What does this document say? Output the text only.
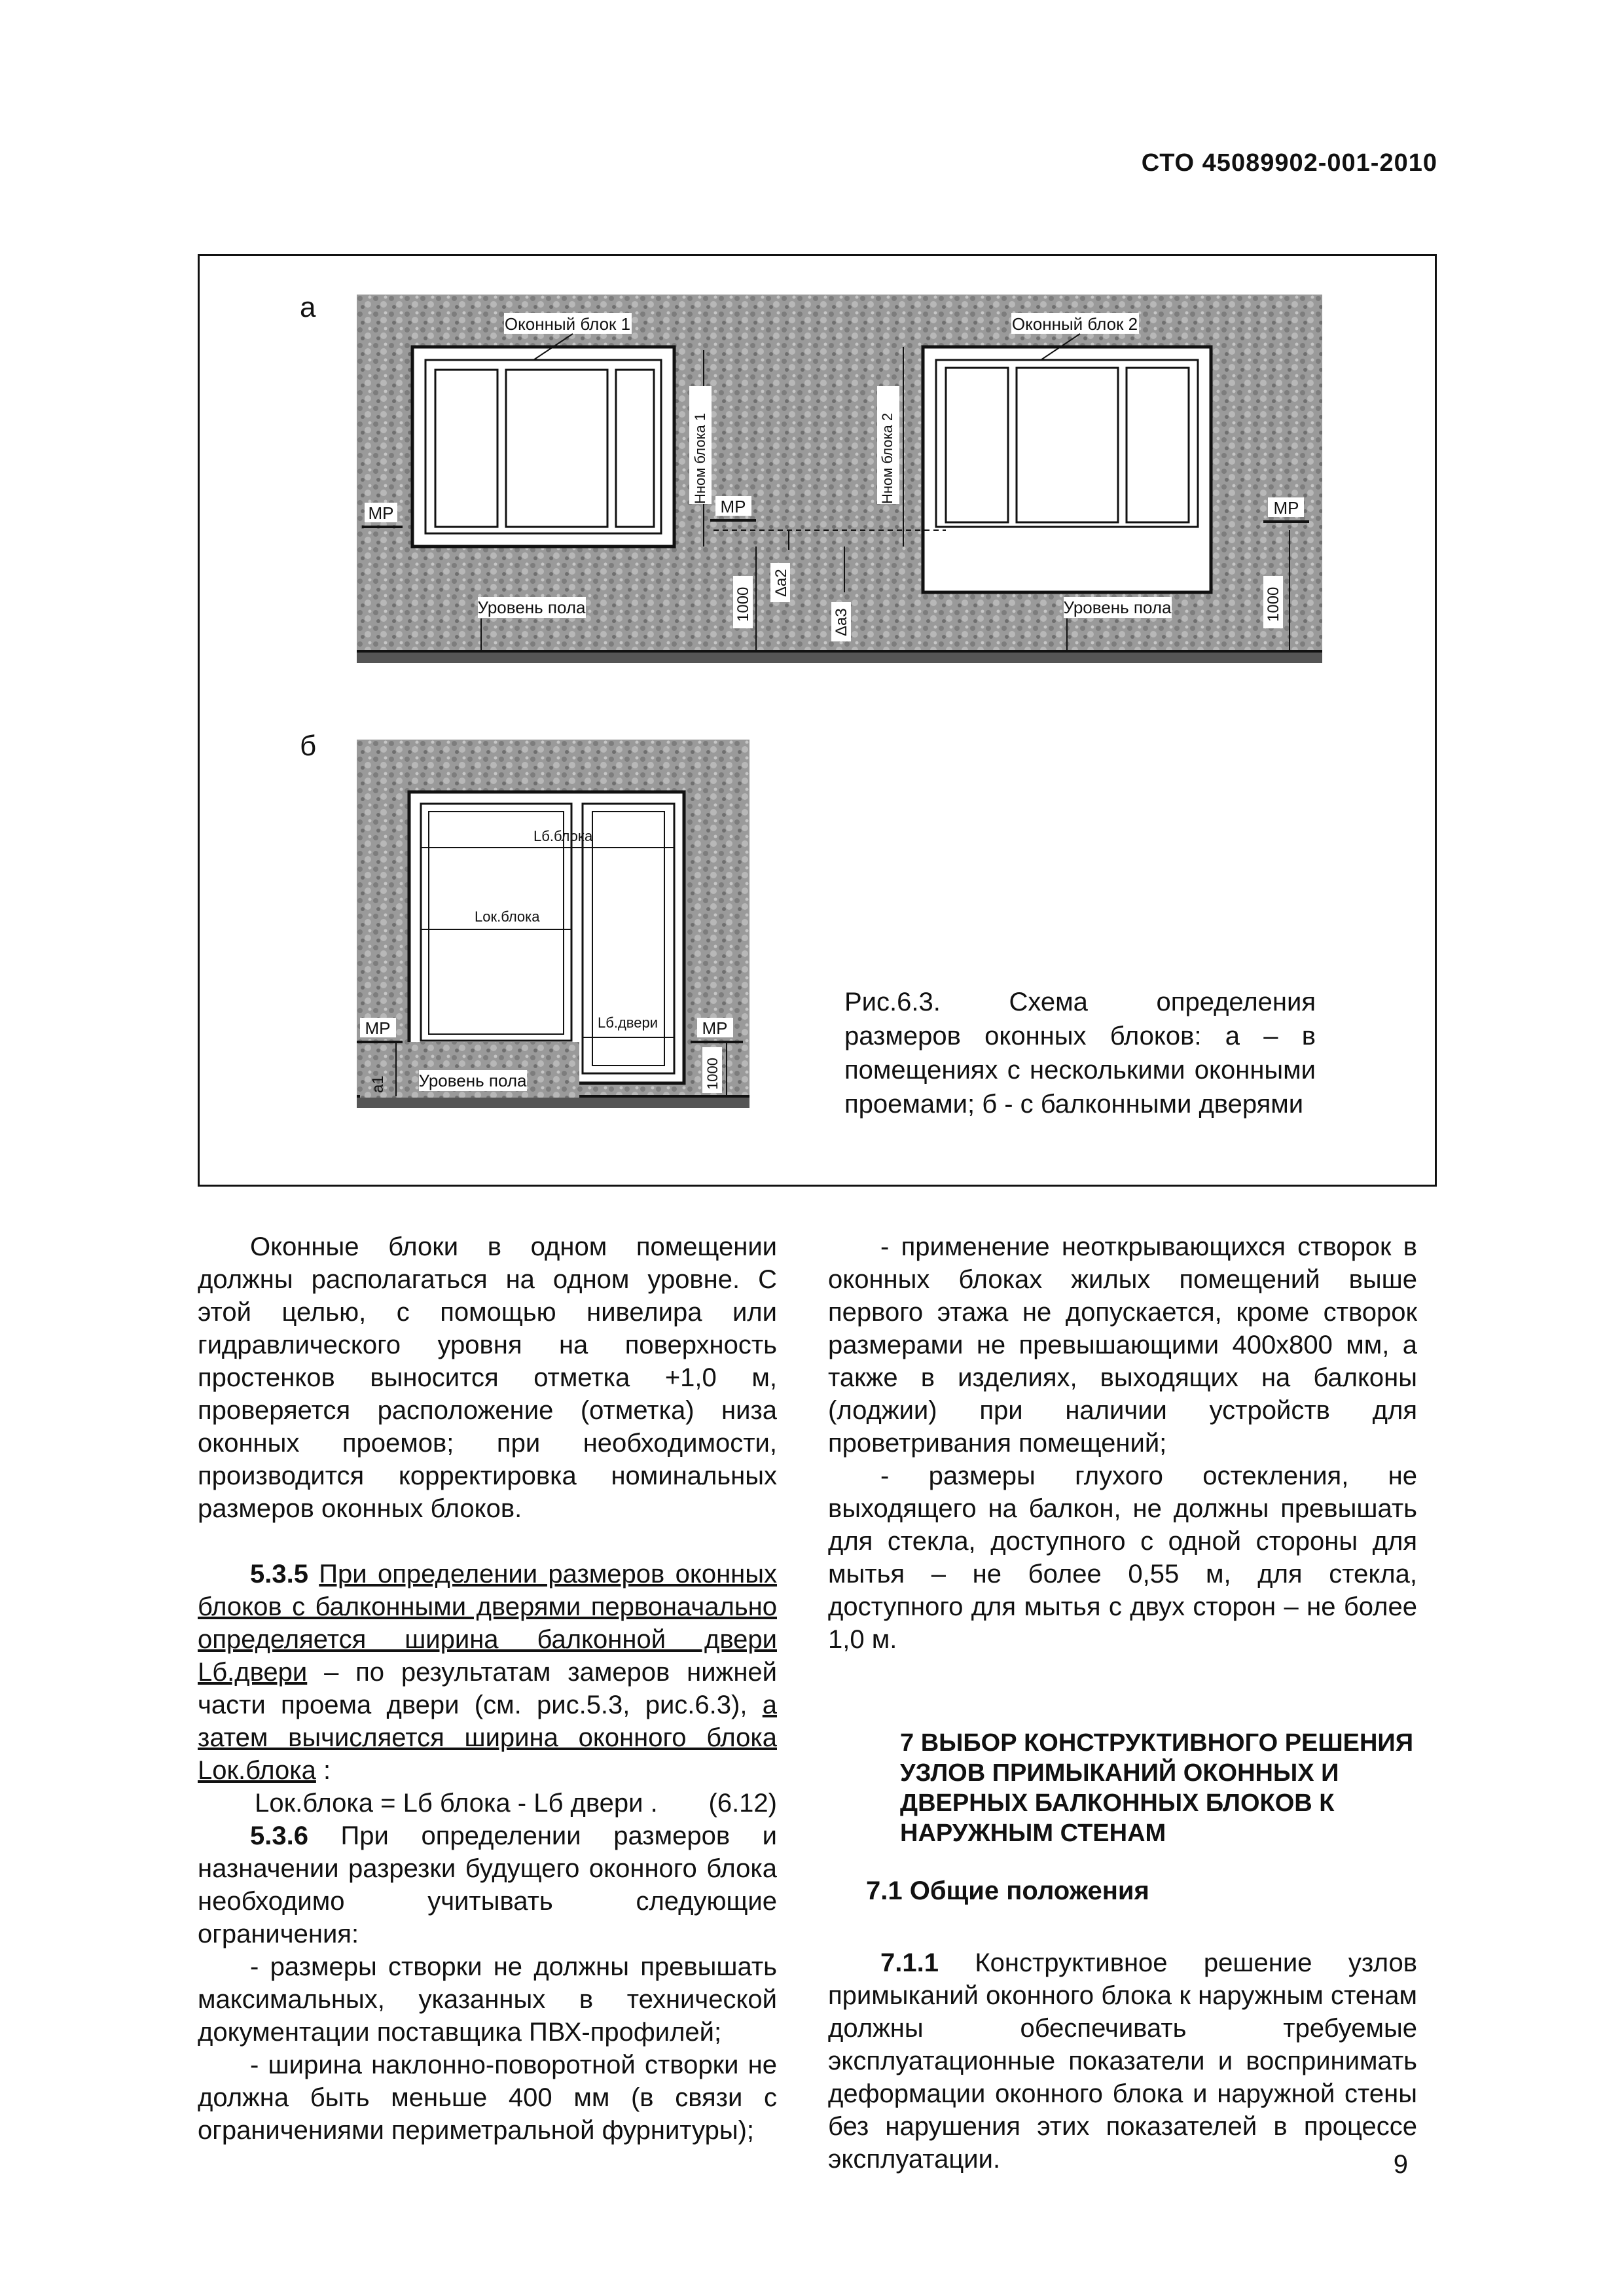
СТО 45089902-001-2010
а
б
Оконный блок 1	Оконный блок 2
МР	МР	МР
Hном блока 1	Hном блока 2
1000	1000
Δа2
Δа3
Уровень пола	Уровень пола
Lб.блока
Lок.блока
Lб.двери
МР	МР
а1	1000
Уровень пола
Рис.6.3. Схема определения размеров оконных блоков: а – в помещениях с несколькими оконными проемами; б - с балконными дверями

Оконные блоки в одном помещении должны располагаться на одном уровне. С этой целью, с помощью нивелира или гидравлического уровня на поверхность простенков выносится отметка +1,0 м, проверяется расположение (отметка) низа оконных проемов; при необходимости, производится корректировка номинальных размеров оконных блоков.

5.3.5 При определении размеров оконных блоков с балконными дверями первоначально определяется ширина балконной двери Lб.двери – по результатам замеров нижней части проема двери (см. рис.5.3, рис.6.3), а затем вычисляется ширина оконного блока Lок.блока :

Lок.блока = Lб блока - Lб двери . (6.12)

5.3.6 При определении размеров и назначении разрезки будущего оконного блока необходимо учитывать следующие ограничения:

- размеры створки не должны превышать максимальных, указанных в технической документации поставщика ПВХ-профилей;

- ширина наклонно-поворотной створки не должна быть меньше 400 мм (в связи с ограничениями периметральной фурнитуры);

- применение неоткрывающихся створок в оконных блоках жилых помещений выше первого этажа не допускается, кроме створок размерами не превышающими 400х800 мм, а также в изделиях, выходящих на балконы (лоджии) при наличии устройств для проветривания помещений;

- размеры глухого остекления, не выходящего на балкон, не должны превышать для стекла, доступного с одной стороны для мытья – не более 0,55 м, для стекла, доступного для мытья с двух сторон – не более 1,0 м.

7 ВЫБОР КОНСТРУКТИВНОГО РЕШЕНИЯ УЗЛОВ ПРИМЫКАНИЙ ОКОННЫХ И ДВЕРНЫХ БАЛКОННЫХ БЛОКОВ К НАРУЖНЫМ СТЕНАМ
7.1 Общие положения

7.1.1 Конструктивное решение узлов примыканий оконного блока к наружным стенам должны обеспечивать требуемые эксплуатационные показатели и воспринимать деформации оконного блока и наружной стены без нарушения этих показателей в процессе эксплуатации.	9
